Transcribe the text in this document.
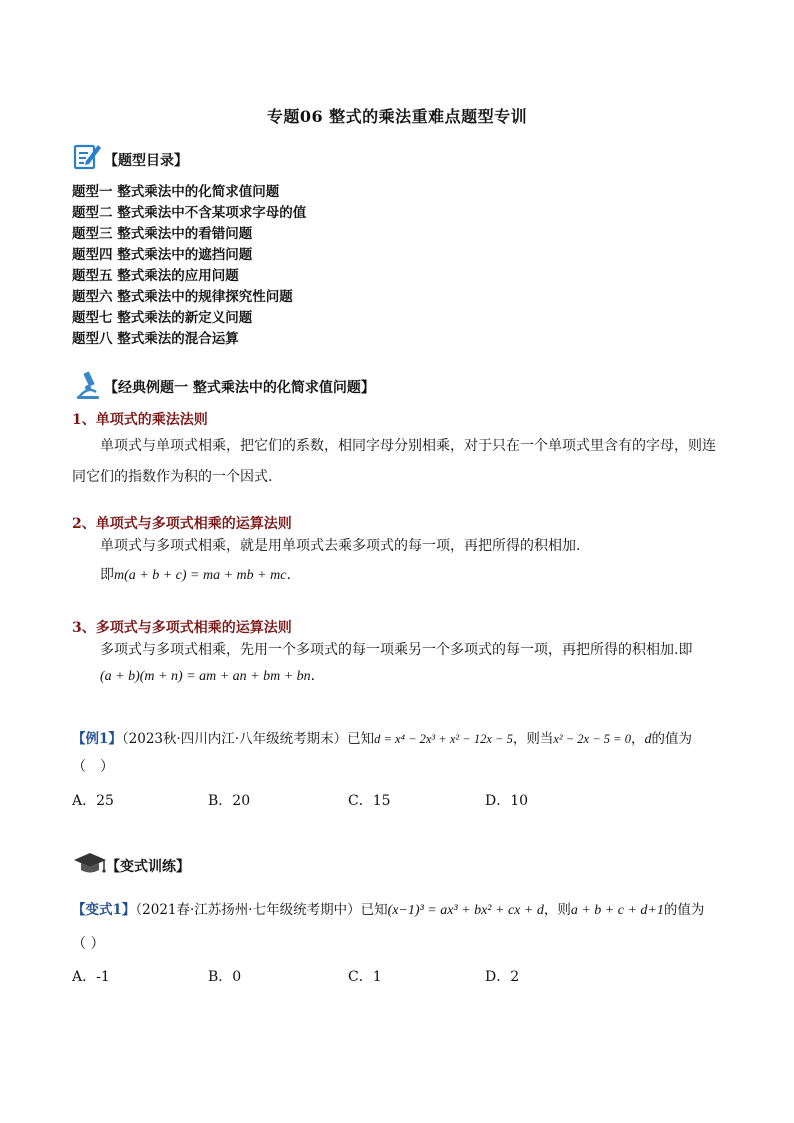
专题06 整式的乘法重难点题型专训
【题型目录】
题型一 整式乘法中的化简求值问题
题型二 整式乘法中不含某项求字母的值
题型三 整式乘法中的看错问题
题型四 整式乘法中的遮挡问题
题型五 整式乘法的应用问题
题型六 整式乘法中的规律探究性问题
题型七 整式乘法的新定义问题
题型八 整式乘法的混合运算
【经典例题一 整式乘法中的化简求值问题】
1、单项式的乘法法则
单项式与单项式相乘，把它们的系数，相同字母分别相乘，对于只在一个单项式里含有的字母，则连
同它们的指数作为积的一个因式.
2、单项式与多项式相乘的运算法则
单项式与多项式相乘，就是用单项式去乘多项式的每一项，再把所得的积相加.
即m(a + b + c) = ma + mb + mc.
3、多项式与多项式相乘的运算法则
多项式与多项式相乘，先用一个多项式的每一项乘另一个多项式的每一项，再把所得的积相加.即
(a + b)(m + n) = am + an + bm + bn.
【例1】（2023秋·四川内江·八年级统考期末）已知d = x⁴ − 2x³ + x² − 12x − 5，则当x² − 2x − 5 = 0，d的值为
（　）
A．25	B．20	C．15	D．10
【变式训练】
【变式1】（2021春·江苏扬州·七年级统考期中）已知(x−1)³ = ax³ + bx² + cx + d，则a + b + c + d+1的值为
（ ）
A．-1	B．0	C．1	D．2
